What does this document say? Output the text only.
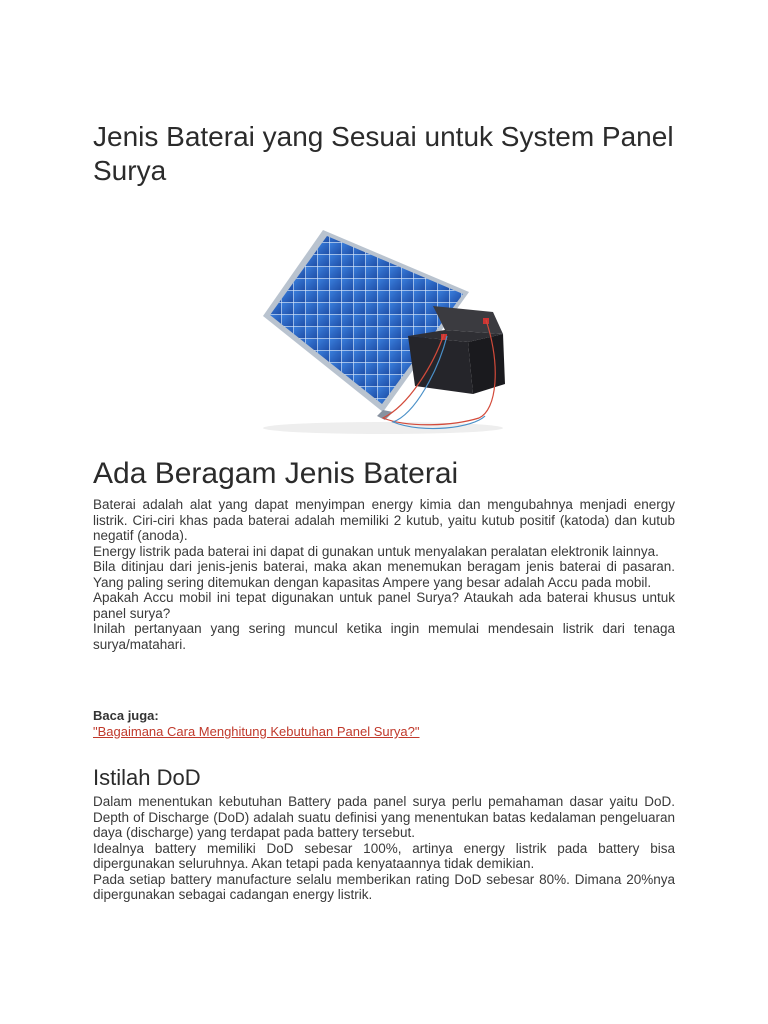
Jenis Baterai yang Sesuai untuk System Panel Surya
Ada Beragam Jenis Baterai

Baterai adalah alat yang dapat menyimpan energy kimia dan mengubahnya menjadi energy listrik. Ciri-ciri khas pada baterai adalah memiliki 2 kutub, yaitu kutub positif (katoda) dan kutub negatif (anoda).

Energy listrik pada baterai ini dapat di gunakan untuk menyalakan peralatan elektronik lainnya.

Bila ditinjau dari jenis-jenis baterai, maka akan menemukan beragam jenis baterai di pasaran. Yang paling sering ditemukan dengan kapasitas Ampere yang besar adalah Accu pada mobil.

Apakah Accu mobil ini tepat digunakan untuk panel Surya? Ataukah ada baterai khusus untuk panel surya?

Inilah pertanyaan yang sering muncul ketika ingin memulai mendesain listrik dari tenaga surya/matahari.

Baca juga:
"Bagaimana Cara Menghitung Kebutuhan Panel Surya?"
Istilah DoD

Dalam menentukan kebutuhan Battery pada panel surya perlu pemahaman dasar yaitu DoD. Depth of Discharge (DoD) adalah suatu definisi yang menentukan batas kedalaman pengeluaran daya (discharge) yang terdapat pada battery tersebut.

Idealnya battery memiliki DoD sebesar 100%, artinya energy listrik pada battery bisa dipergunakan seluruhnya. Akan tetapi pada kenyataannya tidak demikian.

Pada setiap battery manufacture selalu memberikan rating DoD sebesar 80%. Dimana 20%nya dipergunakan sebagai cadangan energy listrik.
